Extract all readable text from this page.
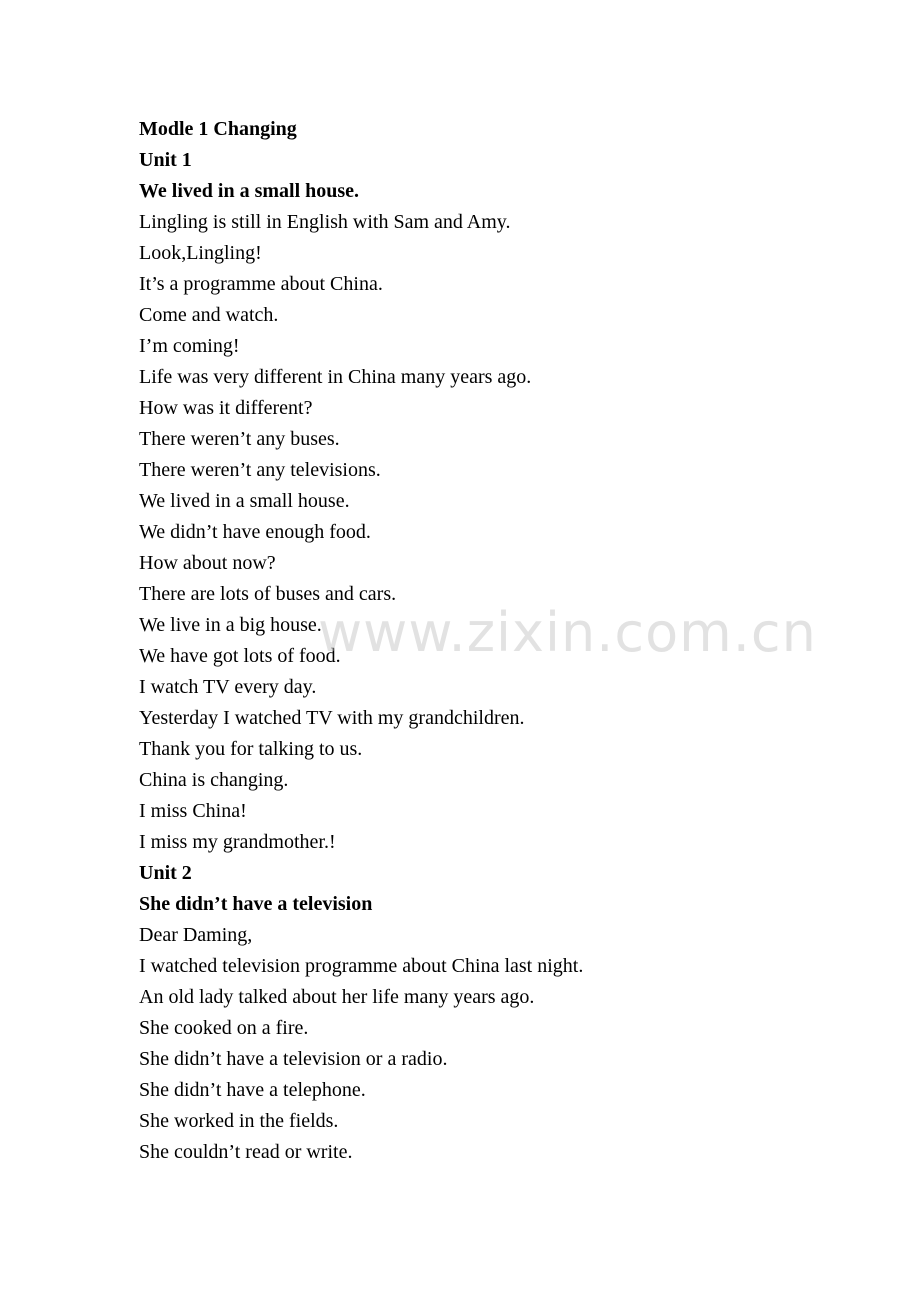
Modle 1 Changing
Unit 1
We lived in a small house.
Lingling is still in English with Sam and Amy.
Look,Lingling!
It’s a programme about China.
Come and watch.
I’m coming!
Life was very different in China many years ago.
How was it different?
There weren’t any buses.
There weren’t any televisions.
We lived in a small house.
We didn’t have enough food.
How about now?
There are lots of buses and cars.
We live in a big house.
We have got lots of food.
I watch TV every day.
Yesterday I watched TV with my grandchildren.
Thank you for talking to us.
China is changing.
I miss China!
I miss my grandmother.!
Unit 2
She didn’t have a television
Dear Daming,
I watched television programme about China last night.
An old lady talked about her life many years ago.
She cooked on a fire.
She didn’t have a television or a radio.
She didn’t have a telephone.
She worked in the fields.
She couldn’t read or write.
www.zixin.com.cn
